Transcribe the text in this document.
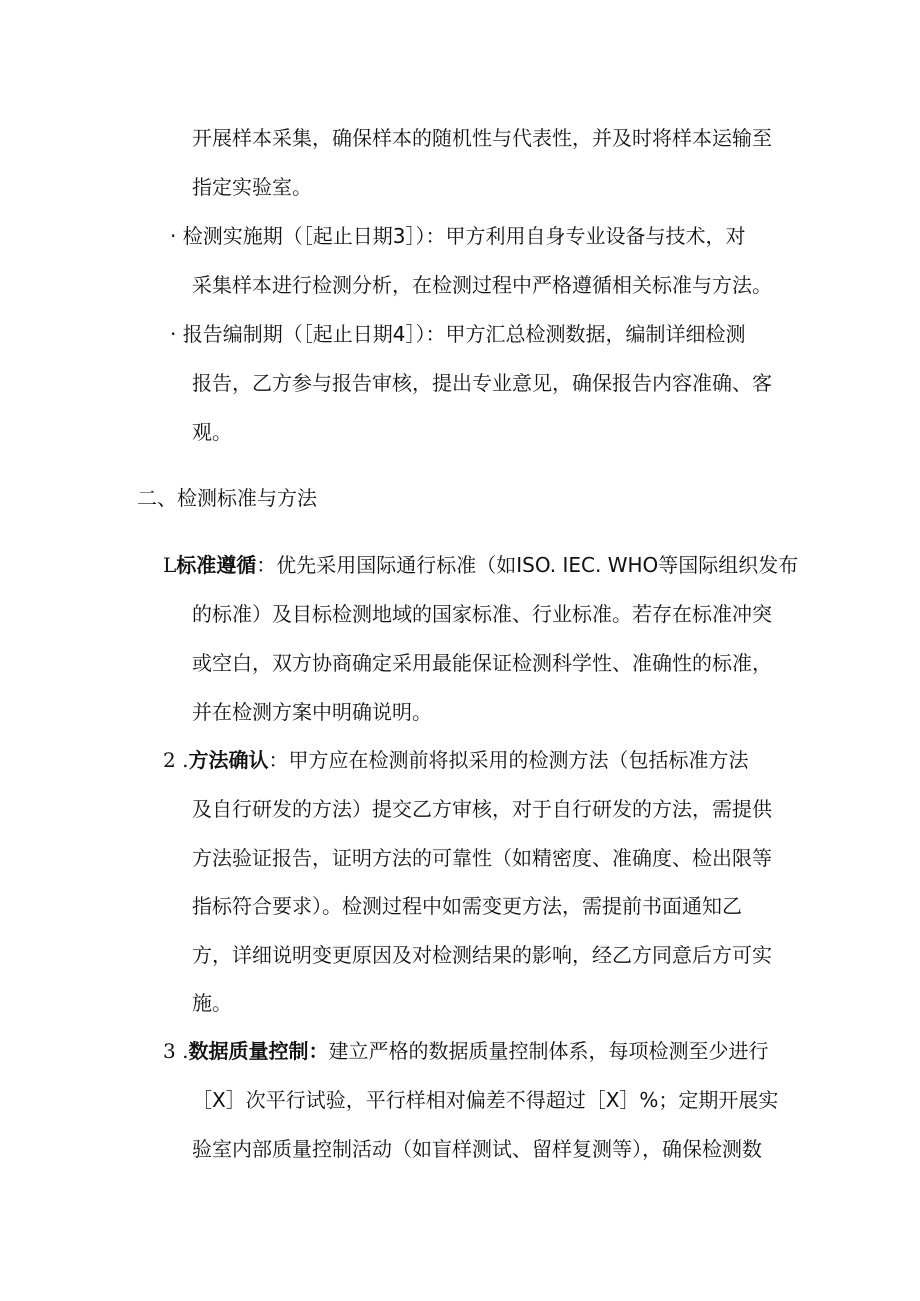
开展样本采集，确保样本的随机性与代表性，并及时将样本运输至
指定实验室。
· 检测实施期（［起止日期3］）：甲方利用自身专业设备与技术，对
采集样本进行检测分析，在检测过程中严格遵循相关标准与方法。
· 报告编制期（［起止日期4］）：甲方汇总检测数据，编制详细检测
报告，乙方参与报告审核，提出专业意见，确保报告内容准确、客
观。
二、检测标准与方法
L标准遵循：优先采用国际通行标准（如ISO. IEC. WHO等国际组织发布
的标准）及目标检测地域的国家标准、行业标准。若存在标准冲突
或空白，双方协商确定采用最能保证检测科学性、准确性的标准，
并在检测方案中明确说明。
2 .方法确认：甲方应在检测前将拟采用的检测方法（包括标准方法
及自行研发的方法）提交乙方审核，对于自行研发的方法，需提供
方法验证报告，证明方法的可靠性（如精密度、准确度、检出限等
指标符合要求）。检测过程中如需变更方法，需提前书面通知乙
方，详细说明变更原因及对检测结果的影响，经乙方同意后方可实
施。
3 .数据质量控制：建立严格的数据质量控制体系，每项检测至少进行
［X］次平行试验，平行样相对偏差不得超过［X］%；定期开展实
验室内部质量控制活动（如盲样测试、留样复测等），确保检测数
